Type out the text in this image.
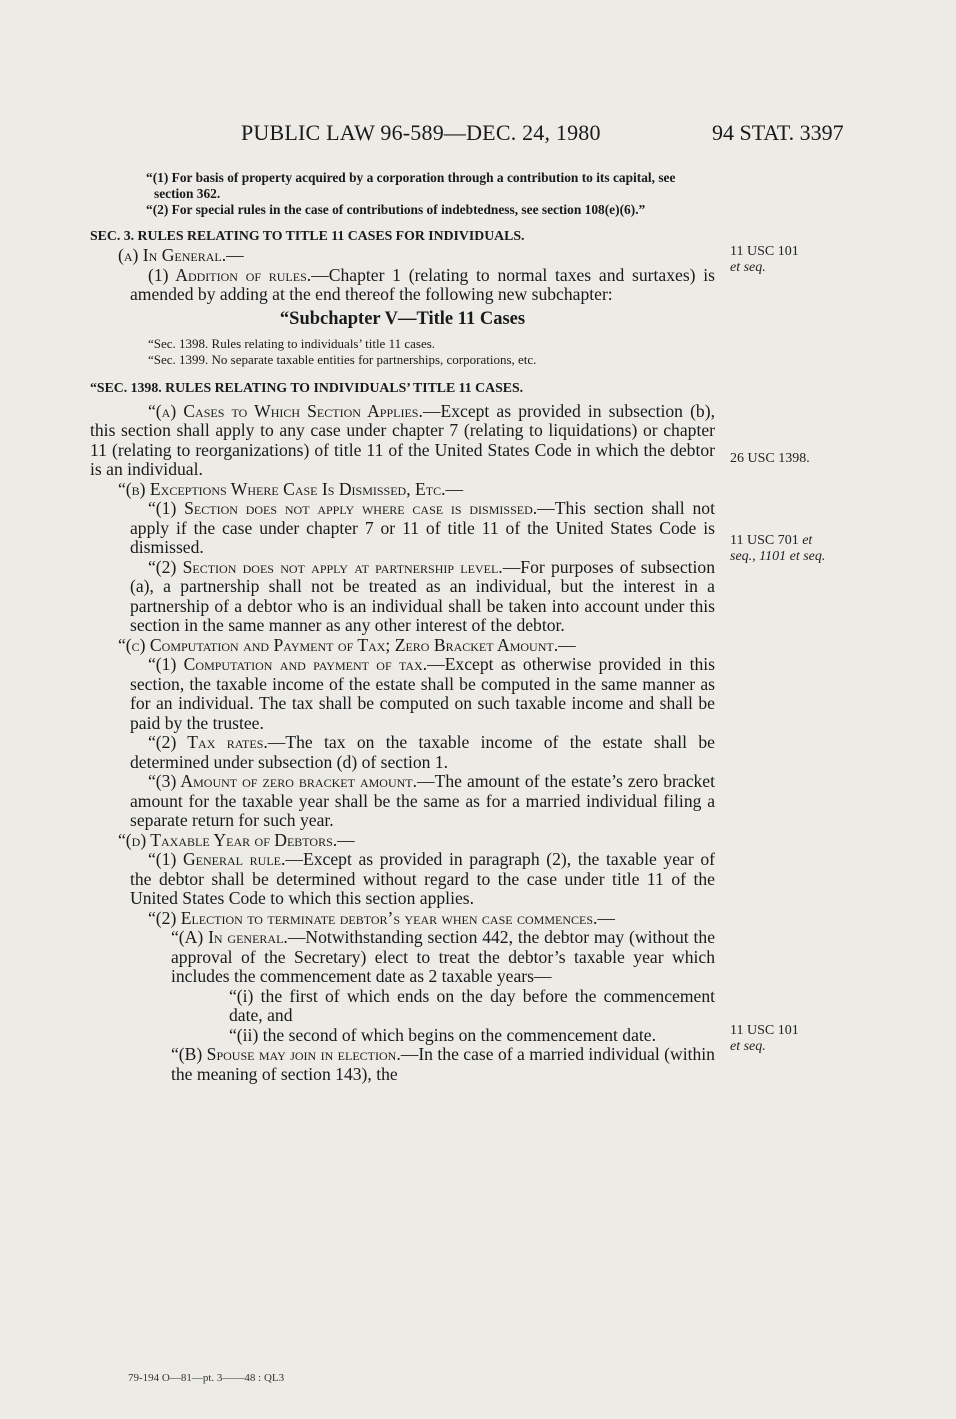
PUBLIC LAW 96-589—DEC. 24, 1980	94 STAT. 3397

“(1) For basis of property acquired by a corporation through a contribution to its capital, see section 362.

“(2) For special rules in the case of contributions of indebtedness, see section 108(e)(6).”

SEC. 3. RULES RELATING TO TITLE 11 CASES FOR INDIVIDUALS.

(a) In General.—

(1) Addition of rules.—Chapter 1 (relating to normal taxes and surtaxes) is amended by adding at the end thereof the following new subchapter:

“Subchapter V—Title 11 Cases

“Sec. 1398. Rules relating to individuals’ title 11 cases.

“Sec. 1399. No separate taxable entities for partnerships, corporations, etc.

“SEC. 1398. RULES RELATING TO INDIVIDUALS’ TITLE 11 CASES.

“(a) Cases to Which Section Applies.—Except as provided in subsection (b), this section shall apply to any case under chapter 7 (relating to liquidations) or chapter 11 (relating to reorganizations) of title 11 of the United States Code in which the debtor is an individual.

“(b) Exceptions Where Case Is Dismissed, Etc.—

“(1) Section does not apply where case is dismissed.—This section shall not apply if the case under chapter 7 or 11 of title 11 of the United States Code is dismissed.

“(2) Section does not apply at partnership level.—For purposes of subsection (a), a partnership shall not be treated as an individual, but the interest in a partnership of a debtor who is an individual shall be taken into account under this section in the same manner as any other interest of the debtor.

“(c) Computation and Payment of Tax; Zero Bracket Amount.—

“(1) Computation and payment of tax.—Except as otherwise provided in this section, the taxable income of the estate shall be computed in the same manner as for an individual. The tax shall be computed on such taxable income and shall be paid by the trustee.

“(2) Tax rates.—The tax on the taxable income of the estate shall be determined under subsection (d) of section 1.

“(3) Amount of zero bracket amount.—The amount of the estate’s zero bracket amount for the taxable year shall be the same as for a married individual filing a separate return for such year.

“(d) Taxable Year of Debtors.—

“(1) General rule.—Except as provided in paragraph (2), the taxable year of the debtor shall be determined without regard to the case under title 11 of the United States Code to which this section applies.

“(2) Election to terminate debtor’s year when case commences.—

“(A) In general.—Notwithstanding section 442, the debtor may (without the approval of the Secretary) elect to treat the debtor’s taxable year which includes the commencement date as 2 taxable years—

“(i) the first of which ends on the day before the commencement date, and

“(ii) the second of which begins on the commencement date.

“(B) Spouse may join in election.—In the case of a married individual (within the meaning of section 143), the

11 USC 101
et seq.
26 USC 1398.
11 USC 701 et
seq., 1101 et seq.
11 USC 101
et seq.
79-194 O—81—pt. 3——48 : QL3
